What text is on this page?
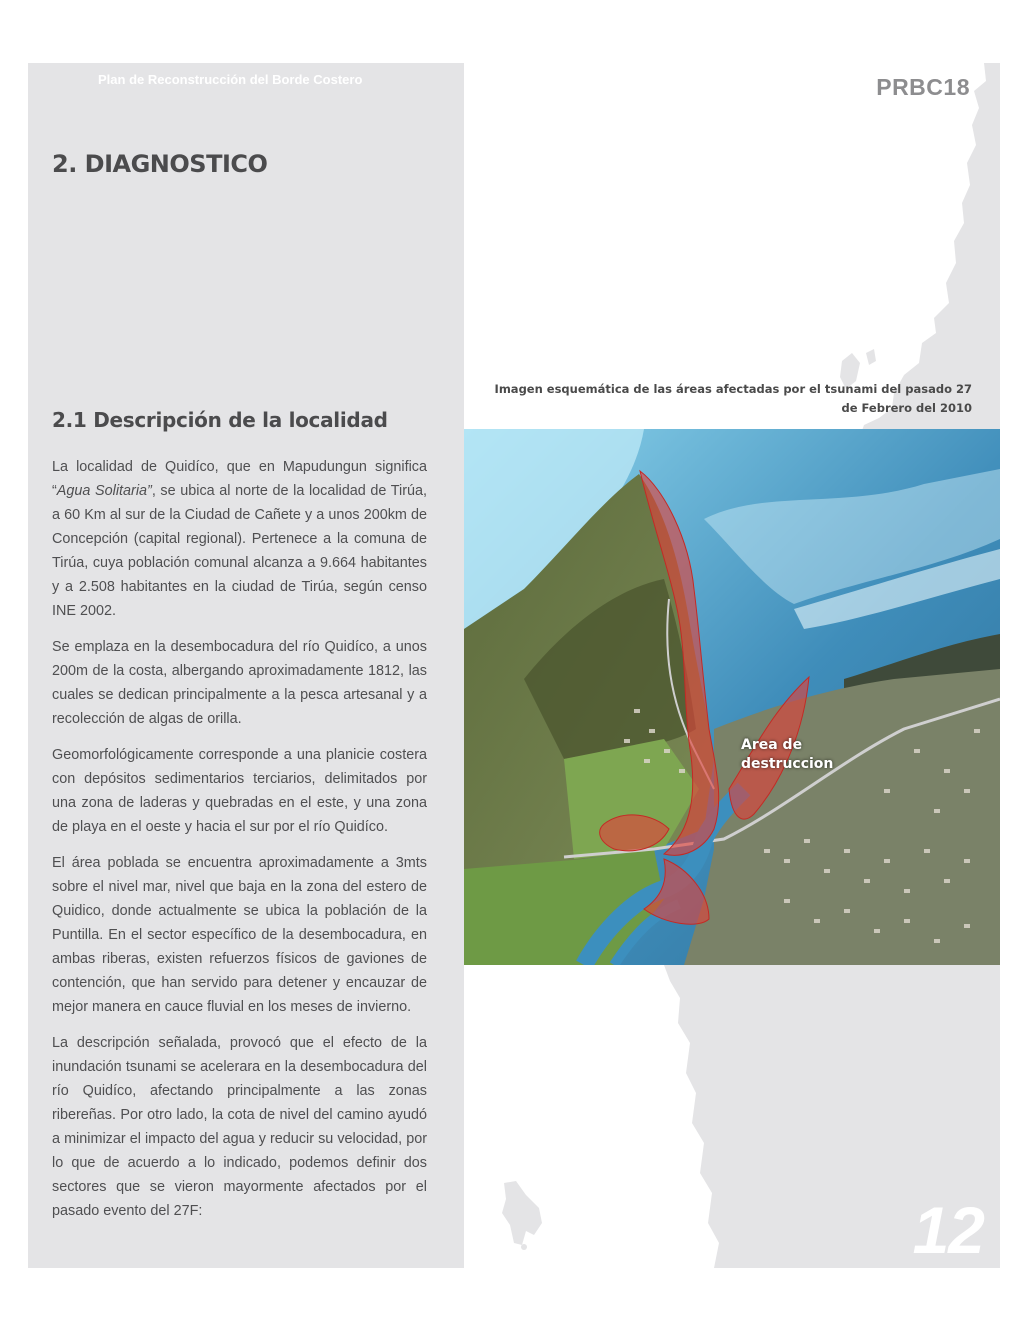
Plan de Reconstrucción del Borde Costero	PRBC18
2. DIAGNOSTICO
2.1 Descripción de la localidad

La localidad de Quidíco, que en Mapudungun significa “Agua Solitaria”, se ubica al norte de la localidad de Tirúa, a 60 Km al sur de la Ciudad de Cañete y a unos 200km de Concepción (capital regional). Pertenece a la comuna de Tirúa, cuya población comunal alcanza a 9.664 habitantes y a 2.508 habitantes en la ciudad de Tirúa, según censo INE 2002.

Se emplaza en la desembocadura del río Quidíco, a unos 200m de la costa, albergando aproximadamente 1812, las cuales se dedican principalmente a la pesca artesanal y a recolección de algas de orilla.

Geomorfológicamente corresponde a una planicie costera con depósitos sedimentarios terciarios, delimitados por una zona de laderas y quebradas en el este, y una zona de playa en el oeste y hacia el sur por el río Quidíco.

El área poblada se encuentra aproximadamente a 3mts sobre el nivel mar, nivel que baja en la zona del estero de Quidico, donde actualmente se ubica la población de la Puntilla. En el sector específico de la desembocadura, en ambas riberas, existen refuerzos físicos de gaviones de contención, que han servido para detener y encauzar de mejor manera en cauce fluvial en los meses de invierno.

La descripción señalada, provocó que el efecto de la inundación tsunami se acelerara en la desembocadura del río Quidíco, afectando principalmente a las zonas ribereñas. Por otro lado, la cota de nivel del camino ayudó a minimizar el impacto del agua y reducir su velocidad, por lo que de acuerdo a lo indicado, podemos definir dos sectores que se vieron mayormente afectados por el pasado evento del 27F:

Imagen esquemática de las áreas afectadas por el tsunami del pasado 27 de Febrero del 2010
Area de
destruccion
12
